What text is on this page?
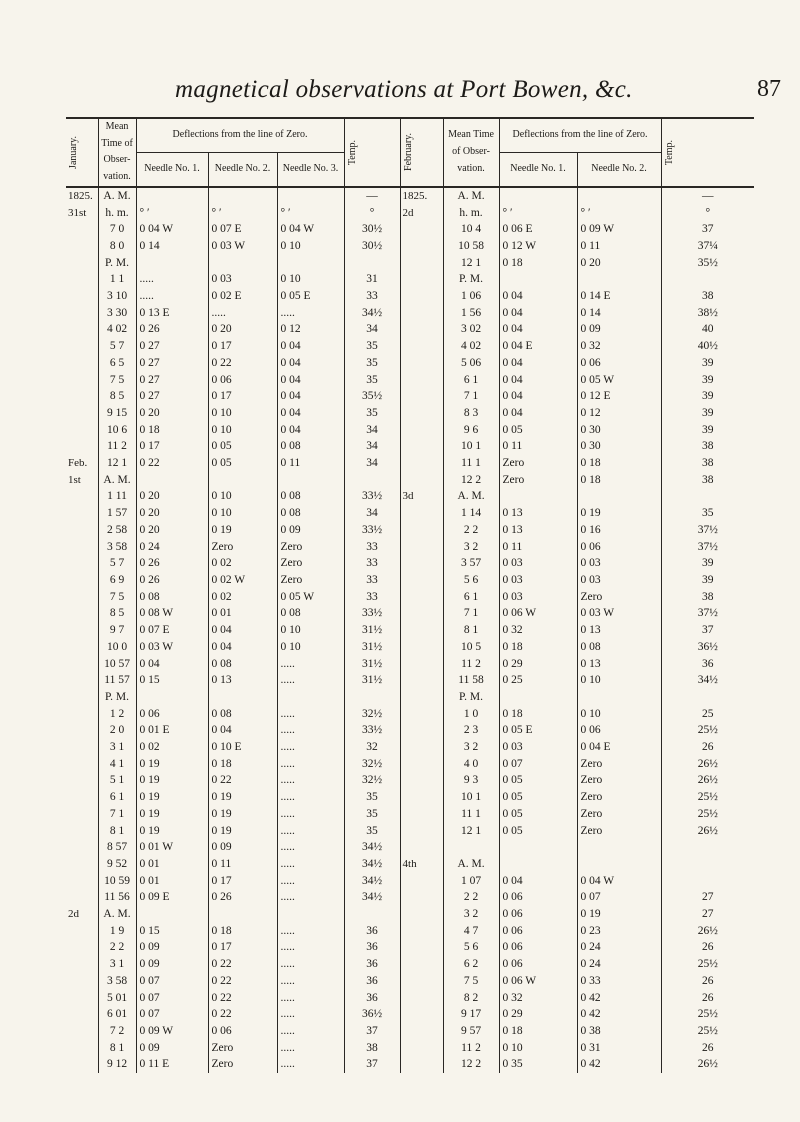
magnetical observations at Port Bowen, &c.	87
January.	Mean Time of Obser-vation.	Deflections from the line of Zero.			Temp.	February.	Mean Time of Obser-vation.	Deflections from the line of Zero.		Temp.

		Needle No. 1.	Needle No. 2.	Needle No. 3.				Needle No. 1.	Needle No. 2.	
1825.	A. M.				—	1825.	A. M.			—
31st	h. m.	° ′	° ′	° ′	°	2d	h. m.	° ′	° ′	°
	7 0	0 04 W	0 07 E	0 04 W	30½		10 4	0 06 E	0 09 W	37
	8 0	0 14	0 03 W	0 10	30½		10 58	0 12 W	0 11	37¼
	P. M.						12 1	0 18	0 20	35½
	1 1	.....	0 03	0 10	31		P. M.			
	3 10	.....	0 02 E	0 05 E	33		1 06	0 04	0 14 E	38
	3 30	0 13 E	.....	.....	34½		1 56	0 04	0 14	38½
	4 02	0 26	0 20	0 12	34		3 02	0 04	0 09	40
	5 7	0 27	0 17	0 04	35		4 02	0 04 E	0 32	40½
	6 5	0 27	0 22	0 04	35		5 06	0 04	0 06	39
	7 5	0 27	0 06	0 04	35		6 1	0 04	0 05 W	39
	8 5	0 27	0 17	0 04	35½		7 1	0 04	0 12 E	39
	9 15	0 20	0 10	0 04	35		8 3	0 04	0 12	39
	10 6	0 18	0 10	0 04	34		9 6	0 05	0 30	39
	11 2	0 17	0 05	0 08	34		10 1	0 11	0 30	38
Feb.	12 1	0 22	0 05	0 11	34		11 1	Zero	0 18	38
1st	A. M.						12 2	Zero	0 18	38
	1 11	0 20	0 10	0 08	33½	3d	A. M.			
	1 57	0 20	0 10	0 08	34		1 14	0 13	0 19	35
	2 58	0 20	0 19	0 09	33½		2 2	0 13	0 16	37½
	3 58	0 24	Zero	Zero	33		3 2	0 11	0 06	37½
	5 7	0 26	0 02	Zero	33		3 57	0 03	0 03	39
	6 9	0 26	0 02 W	Zero	33		5 6	0 03	0 03	39
	7 5	0 08	0 02	0 05 W	33		6 1	0 03	Zero	38
	8 5	0 08 W	0 01	0 08	33½		7 1	0 06 W	0 03 W	37½
	9 7	0 07 E	0 04	0 10	31½		8 1	0 32	0 13	37
	10 0	0 03 W	0 04	0 10	31½		10 5	0 18	0 08	36½
	10 57	0 04	0 08	.....	31½		11 2	0 29	0 13	36
	11 57	0 15	0 13	.....	31½		11 58	0 25	0 10	34½
	P. M.						P. M.			
	1 2	0 06	0 08	.....	32½		1 0	0 18	0 10	25
	2 0	0 01 E	0 04	.....	33½		2 3	0 05 E	0 06	25½
	3 1	0 02	0 10 E	.....	32		3 2	0 03	0 04 E	26
	4 1	0 19	0 18	.....	32½		4 0	0 07	Zero	26½
	5 1	0 19	0 22	.....	32½		9 3	0 05	Zero	26½
	6 1	0 19	0 19	.....	35		10 1	0 05	Zero	25½
	7 1	0 19	0 19	.....	35		11 1	0 05	Zero	25½
	8 1	0 19	0 19	.....	35		12 1	0 05	Zero	26½
	8 57	0 01 W	0 09	.....	34½					
	9 52	0 01	0 11	.....	34½	4th	A. M.			
	10 59	0 01	0 17	.....	34½		1 07	0 04	0 04 W	
	11 56	0 09 E	0 26	.....	34½		2 2	0 06	0 07	27
2d	A. M.						3 2	0 06	0 19	27
	1 9	0 15	0 18	.....	36		4 7	0 06	0 23	26½
	2 2	0 09	0 17	.....	36		5 6	0 06	0 24	26
	3 1	0 09	0 22	.....	36		6 2	0 06	0 24	25½
	3 58	0 07	0 22	.....	36		7 5	0 06 W	0 33	26
	5 01	0 07	0 22	.....	36		8 2	0 32	0 42	26
	6 01	0 07	0 22	.....	36½		9 17	0 29	0 42	25½
	7 2	0 09 W	0 06	.....	37		9 57	0 18	0 38	25½
	8 1	0 09	Zero	.....	38		11 2	0 10	0 31	26
	9 12	0 11 E	Zero	.....	37		12 2	0 35	0 42	26½
